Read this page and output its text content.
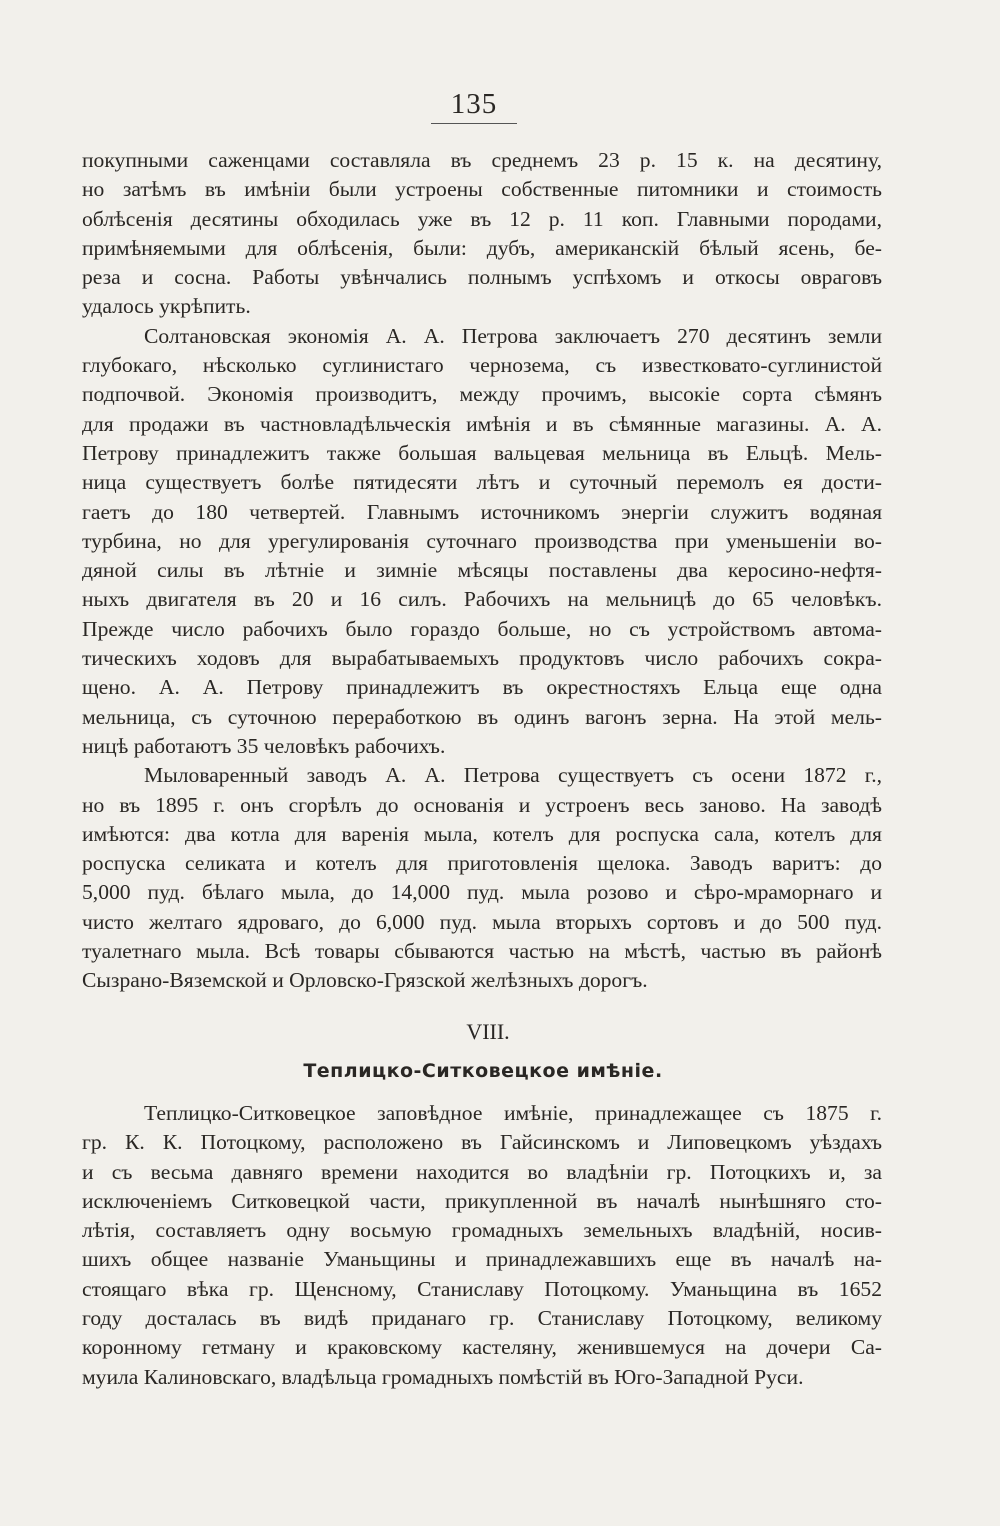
135
покупными саженцами составляла въ среднемъ 23 р. 15 к. на десятину,
но затѣмъ въ имѣніи были устроены собственные питомники и стоимость
облѣсенія десятины обходилась уже въ 12 р. 11 коп. Главными породами,
примѣняемыми для облѣсенія, были: дубъ, американскій бѣлый ясень, бе-
реза и сосна. Работы увѣнчались полнымъ успѣхомъ и откосы овраговъ
удалось укрѣпить.
Солтановская экономія А. А. Петрова заключаетъ 270 десятинъ земли
глубокаго, нѣсколько суглинистаго чернозема, съ известковато-суглинистой
подпочвой. Экономія производитъ, между прочимъ, высокіе сорта сѣмянъ
для продажи въ частновладѣльческія имѣнія и въ сѣмянные магазины. А. А.
Петрову принадлежитъ также большая вальцевая мельница въ Ельцѣ. Мель-
ница существуетъ болѣе пятидесяти лѣтъ и суточный перемолъ ея дости-
гаетъ до 180 четвертей. Главнымъ источникомъ энергіи служитъ водяная
турбина, но для урегулированія суточнаго производства при уменьшеніи во-
дяной силы въ лѣтніе и зимніе мѣсяцы поставлены два керосино-нефтя-
ныхъ двигателя въ 20 и 16 силъ. Рабочихъ на мельницѣ до 65 человѣкъ.
Прежде число рабочихъ было гораздо больше, но съ устройствомъ автома-
тическихъ ходовъ для вырабатываемыхъ продуктовъ число рабочихъ сокра-
щено. А. А. Петрову принадлежитъ въ окрестностяхъ Ельца еще одна
мельница, съ суточною переработкою въ одинъ вагонъ зерна. На этой мель-
ницѣ работаютъ 35 человѣкъ рабочихъ.
Мыловаренный заводъ А. А. Петрова существуетъ съ осени 1872 г.,
но въ 1895 г. онъ сгорѣлъ до основанія и устроенъ весь заново. На заводѣ
имѣются: два котла для варенія мыла, котелъ для роспуска сала, котелъ для
роспуска селиката и котелъ для приготовленія щелока. Заводъ варитъ: до
5,000 пуд. бѣлаго мыла, до 14,000 пуд. мыла розово и сѣро-мраморнаго и
чисто желтаго ядроваго, до 6,000 пуд. мыла вторыхъ сортовъ и до 500 пуд.
туалетнаго мыла. Всѣ товары сбываются частью на мѣстѣ, частью въ районѣ
Сызрано-Вяземской и Орловско-Грязской желѣзныхъ дорогъ.
VIII.
Теплицко-Ситковецкое имѣніе.
Теплицко-Ситковецкое заповѣдное имѣніе, принадлежащее съ 1875 г.
гр. К. К. Потоцкому, расположено въ Гайсинскомъ и Липовецкомъ уѣздахъ
и съ весьма давняго времени находится во владѣніи гр. Потоцкихъ и, за
исключеніемъ Ситковецкой части, прикупленной въ началѣ нынѣшняго сто-
лѣтія, составляетъ одну восьмую громадныхъ земельныхъ владѣній, носив-
шихъ общее названіе Уманьщины и принадлежавшихъ еще въ началѣ на-
стоящаго вѣка гр. Щенсному, Станиславу Потоцкому. Уманьщина въ 1652
году досталась въ видѣ приданаго гр. Станиславу Потоцкому, великому
коронному гетману и краковскому кастеляну, женившемуся на дочери Са-
муила Калиновскаго, владѣльца громадныхъ помѣстій въ Юго-Западной Руси.
